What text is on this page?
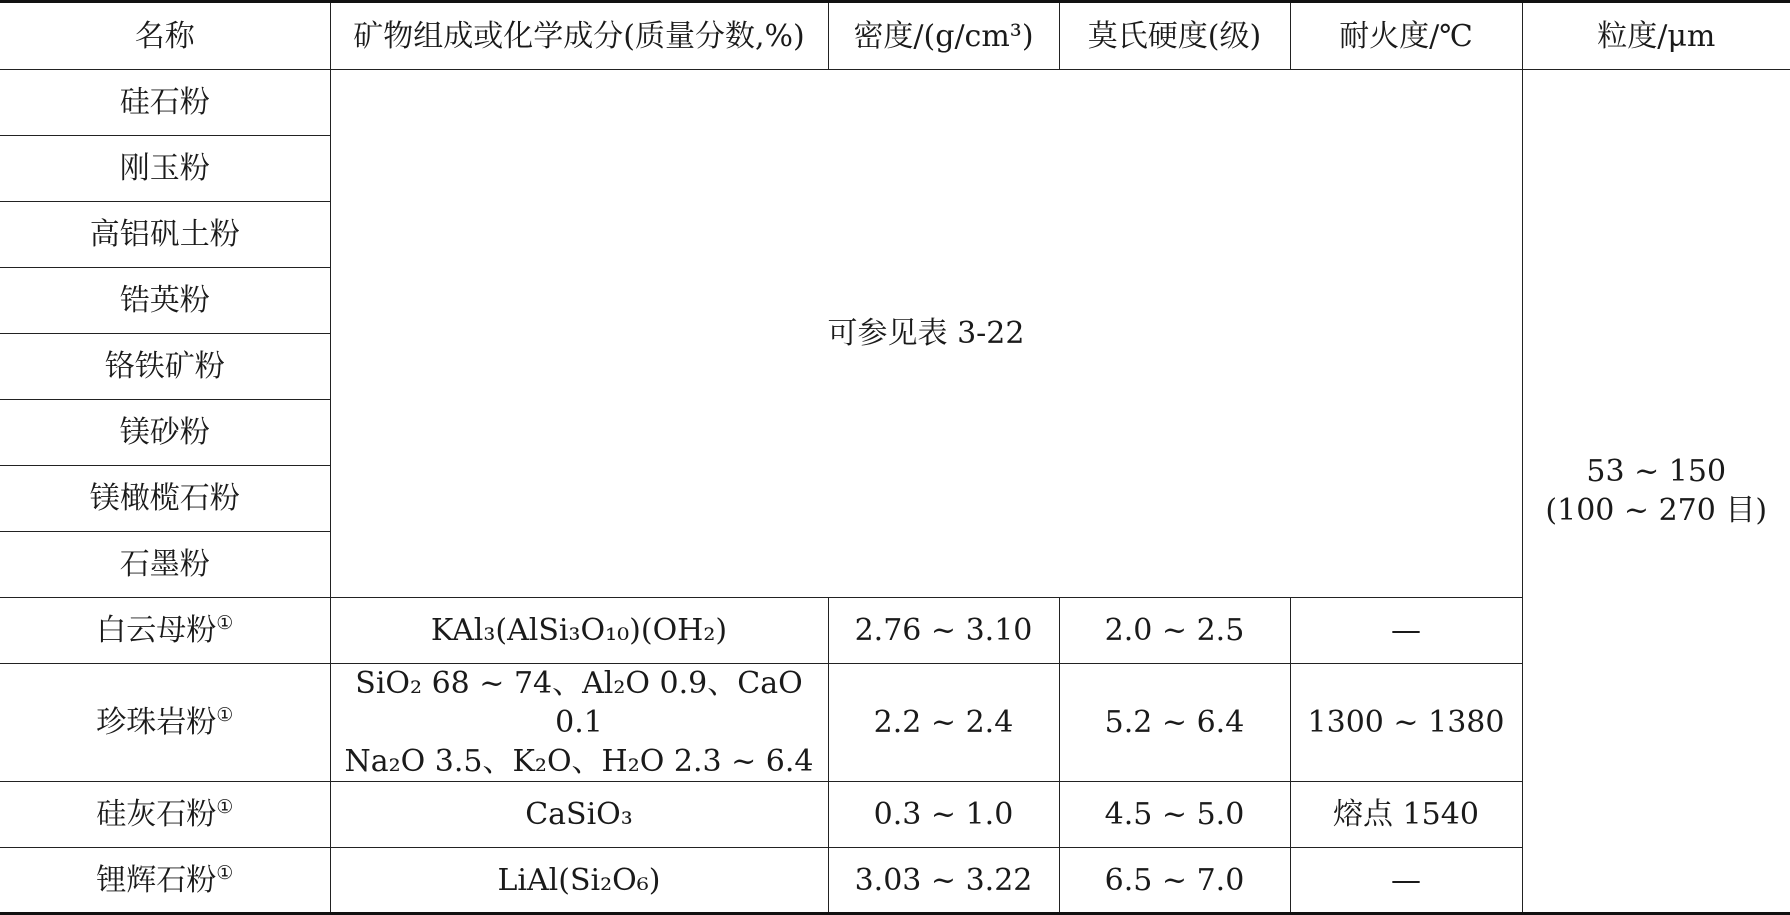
名称	矿物组成或化学成分(质量分数,%)	密度/(g/cm³)	莫氏硬度(级)	耐火度/℃	粒度/μm
硅石粉	可参见表 3-22				53 ~ 150
(100 ~ 270 目)

刚玉粉					
高铝矾土粉					
锆英粉					
铬铁矿粉					
镁砂粉					
镁橄榄石粉					
石墨粉					
白云母粉①	KAl₃(AlSi₃O₁₀)(OH₂)	2.76 ~ 3.10	2.0 ~ 2.5	—	
珍珠岩粉①	SiO₂ 68 ~ 74、Al₂O 0.9、CaO 0.1
Na₂O 3.5、K₂O、H₂O 2.3 ~ 6.4	2.2 ~ 2.4	5.2 ~ 6.4	1300 ~ 1380	
硅灰石粉①	CaSiO₃	0.3 ~ 1.0	4.5 ~ 5.0	熔点 1540	
锂辉石粉①	LiAl(Si₂O₆)	3.03 ~ 3.22	6.5 ~ 7.0	—	
